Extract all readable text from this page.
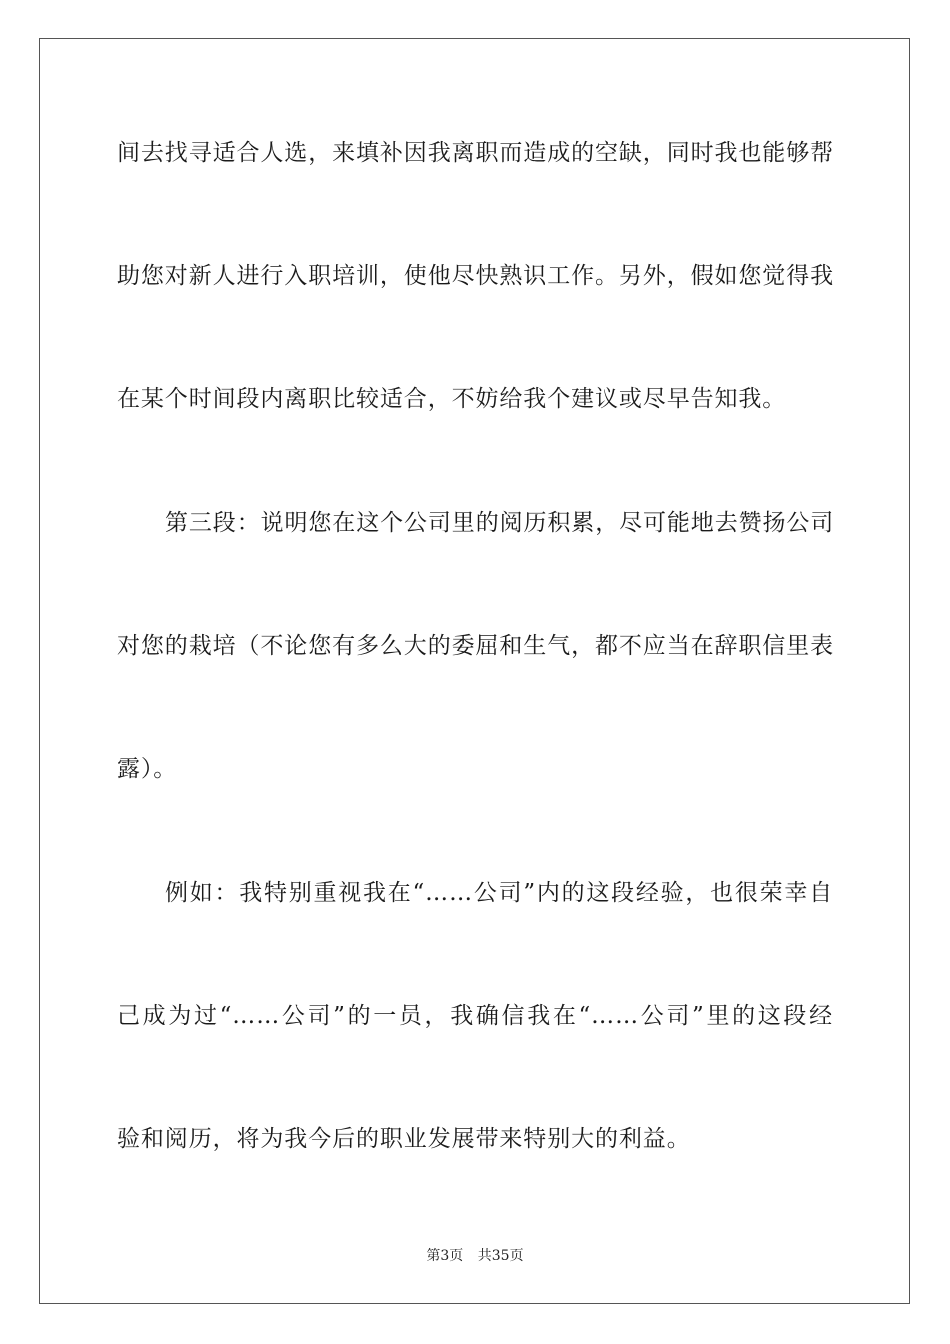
间去找寻适合人选，来填补因我离职而造成的空缺，同时我也能够帮
助您对新人进行入职培训，使他尽快熟识工作。另外，假如您觉得我
在某个时间段内离职比较适合，不妨给我个建议或尽早告知我。
第三段：说明您在这个公司里的阅历积累，尽可能地去赞扬公司
对您的栽培（不论您有多么大的委屈和生气，都不应当在辞职信里表
露）。
例如：我特别重视我在“……公司”内的这段经验，也很荣幸自
己成为过“……公司”的一员，我确信我在“……公司”里的这段经
验和阅历，将为我今后的职业发展带来特别大的利益。
第3页 共35页
